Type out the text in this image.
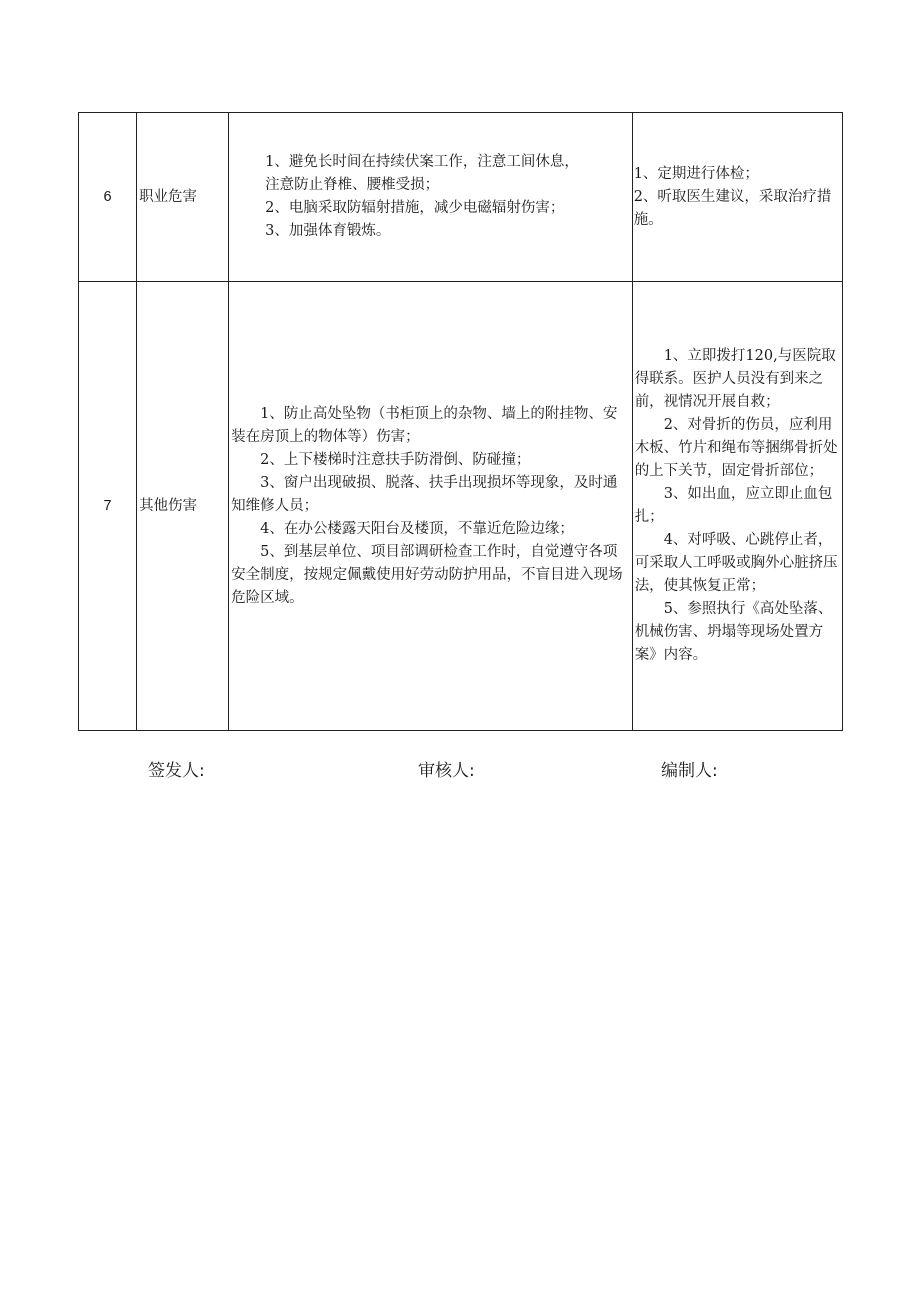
6	职业危害	1、避免长时间在持续伏案工作，注意工间休息，
注意防止脊椎、腰椎受损；
2、电脑采取防辐射措施，减少电磁辐射伤害；
3、加强体育锻炼。	1、定期进行体检；
2、听取医生建议，采取治疗措施。

7	其他伤害	1、防止高处坠物（书柜顶上的杂物、墙上的附挂物、安装在房顶上的物体等）伤害；
2、上下楼梯时注意扶手防滑倒、防碰撞；
3、窗户出现破损、脱落、扶手出现损坏等现象，及时通知维修人员；
4、在办公楼露天阳台及楼顶，不靠近危险边缘；
5、到基层单位、项目部调研检查工作时，自觉遵守各项安全制度，按规定佩戴使用好劳动防护用品，不盲目进入现场危险区域。	1、立即拨打120,与医院取得联系。医护人员没有到来之前，视情况开展自救；
2、对骨折的伤员，应利用木板、竹片和绳布等捆绑骨折处的上下关节，固定骨折部位；
3、如出血，应立即止血包扎；
4、对呼吸、心跳停止者，可采取人工呼吸或胸外心脏挤压法，使其恢复正常；
5、参照执行《高处坠落、机械伤害、坍塌等现场处置方案》内容。
签发人:	审核人:	编制人:
